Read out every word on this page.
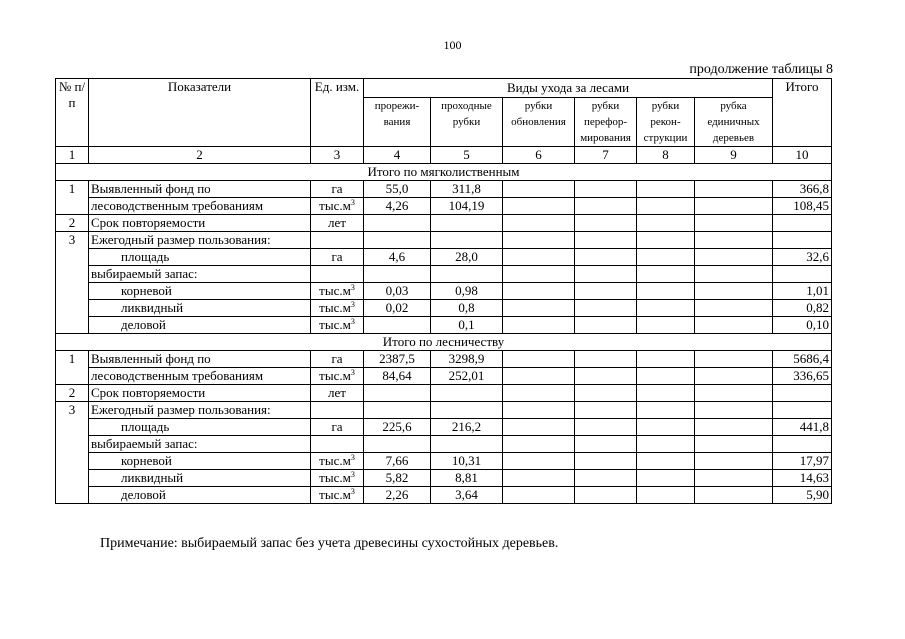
100
продолжение таблицы 8
№ п/п	Показатели	Ед. изм.	Виды ухода за лесами						Итого
			прорежи-вания	проходные рубки	рубки обновления	рубки перефор-мирования	рубки рекон-струкции	рубка единичных деревьев	
1	2	3	4	5	6	7	8	9	10
Итого по мягколиственным									
1	Выявленный фонд по	га	55,0	311,8					366,8
	лесоводственным требованиям	$тыс.м^3$	4,26	104,19					108,45
2	Срок повторяемости	лет							
3	Ежегодный размер пользования:								
	площадь	га	4,6	28,0					32,6
	выбираемый запас:								
	корневой	$тыс.м^3$	0,03	0,98					1,01
	ликвидный	$тыс.м^3$	0,02	0,8					0,82
	деловой	$тыс.м^3$		0,1					0,10
Итого по лесничеству									
1	Выявленный фонд по	га	2387,5	3298,9					5686,4
	лесоводственным требованиям	$тыс.м^3$	84,64	252,01					336,65
2	Срок повторяемости	лет							
3	Ежегодный размер пользования:								
	площадь	га	225,6	216,2					441,8
	выбираемый запас:								
	корневой	$тыс.м^3$	7,66	10,31					17,97
	ликвидный	$тыс.м^3$	5,82	8,81					14,63
	деловой	$тыс.м^3$	2,26	3,64					5,90
Примечание: выбираемый запас без учета древесины сухостойных деревьев.
